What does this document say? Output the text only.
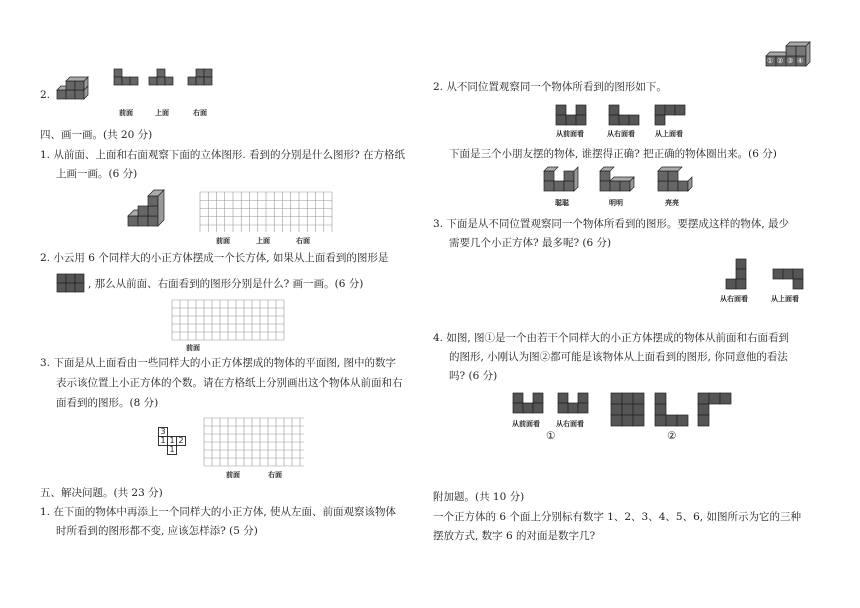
2.
前面	上面	右面
四、画一画。(共 20 分)
1. 从前面、上面和右面观察下面的立体图形. 看到的分别是什么图形? 在方格纸
上画一画。(6 分)
前面	上面	右面
2. 小云用 6 个同样大的小正方体摆成一个长方体, 如果从上面看到的图形是
, 那么从前面、右面看到的图形分别是什么? 画一画。(6 分)
前面
3. 下面是从上面看由一些同样大的小正方体摆成的物体的平面图, 图中的数字
表示该位置上小正方体的个数。请在方格纸上分别画出这个物体从前面和右
面看到的图形。(8 分)
3
1 1 2
1
前面	右面
五、解决问题。(共 23 分)
1. 在下面的物体中再添上一个同样大的小正方体, 使从左面、前面观察该物体
时所看到的图形都不变, 应该怎样添? (5 分)
① ② ③ ④
2. 从不同位置观察同一个物体所看到的图形如下。
从前面看	从右面看	从上面看
下面是三个小朋友摆的物体, 谁摆得正确? 把正确的物体圈出来。(6 分)
聪聪	明明	亮亮
3. 下面是从不同位置观察同一个物体所看到的图形。要摆成这样的物体, 最少
需要几个小正方体? 最多呢? (6 分)
从右面看	从上面看
4. 如图, 图①是一个由若干个同样大的小正方体摆成的物体从前面和右面看到
的图形, 小刚认为图②都可能是该物体从上面看到的图形, 你同意他的看法
吗? (6 分)
从前面看 从右面看
①	②
附加题。(共 10 分)
一个正方体的 6 个面上分别标有数字 1、2、3、4、5、6, 如图所示为它的三种
摆放方式, 数字 6 的对面是数字几?
